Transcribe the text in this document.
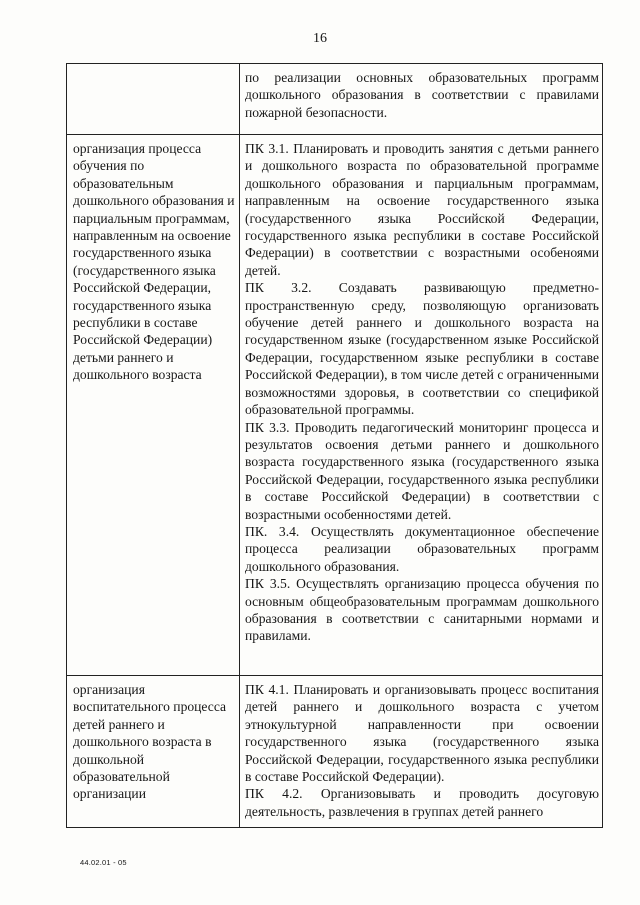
16

по реализации основных образовательных программ дошкольного образования в соответствии с правилами пожарной безопасности.

организация процесса обучения по образовательным дошкольного образования и парциальным программам, направленным на освоение государственного языка (государственного языка Российской Федерации, государственного языка республики в составе Российской Федерации) детьми раннего и дошкольного возраста

ПК 3.1. Планировать и проводить занятия с детьми раннего и дошкольного возраста по образовательной программе дошкольного образования и парциальным программам, направленным на освоение государственного языка (государственного языка Российской Федерации, государственного языка республики в составе Российской Федерации) в соответствии с возрастными особеноями детей.

ПК 3.2. Создавать развивающую предметно-пространственную среду, позволяющую организовать обучение детей раннего и дошкольного возраста на государственном языке (государственном языке Российской Федерации, государственном языке республики в составе Российской Федерации), в том числе детей с ограниченными возможностями здоровья, в соответствии со спецификой образовательной программы.

ПК 3.3. Проводить педагогический мониторинг процесса и результатов освоения детьми раннего и дошкольного возраста государственного языка (государственного языка Российской Федерации, государственного языка республики в составе Российской Федерации) в соответствии с возрастными особенностями детей.

ПК. 3.4. Осуществлять документационное обеспечение процесса реализации образовательных программ дошкольного образования.

ПК 3.5. Осуществлять организацию процесса обучения по основным общеобразовательным программам дошкольного образования в соответствии с санитарными нормами и правилами.

организация воспитательного процесса детей раннего и дошкольного возраста в дошкольной образовательной организации

ПК 4.1. Планировать и организовывать процесс воспитания детей раннего и дошкольного возраста с учетом этнокультурной направленности при освоении государственного языка (государственного языка Российской Федерации, государственного языка республики в составе Российской Федерации).

ПК 4.2. Организовывать и проводить досуговую деятельность, развлечения в группах детей раннего

44.02.01 - 05
